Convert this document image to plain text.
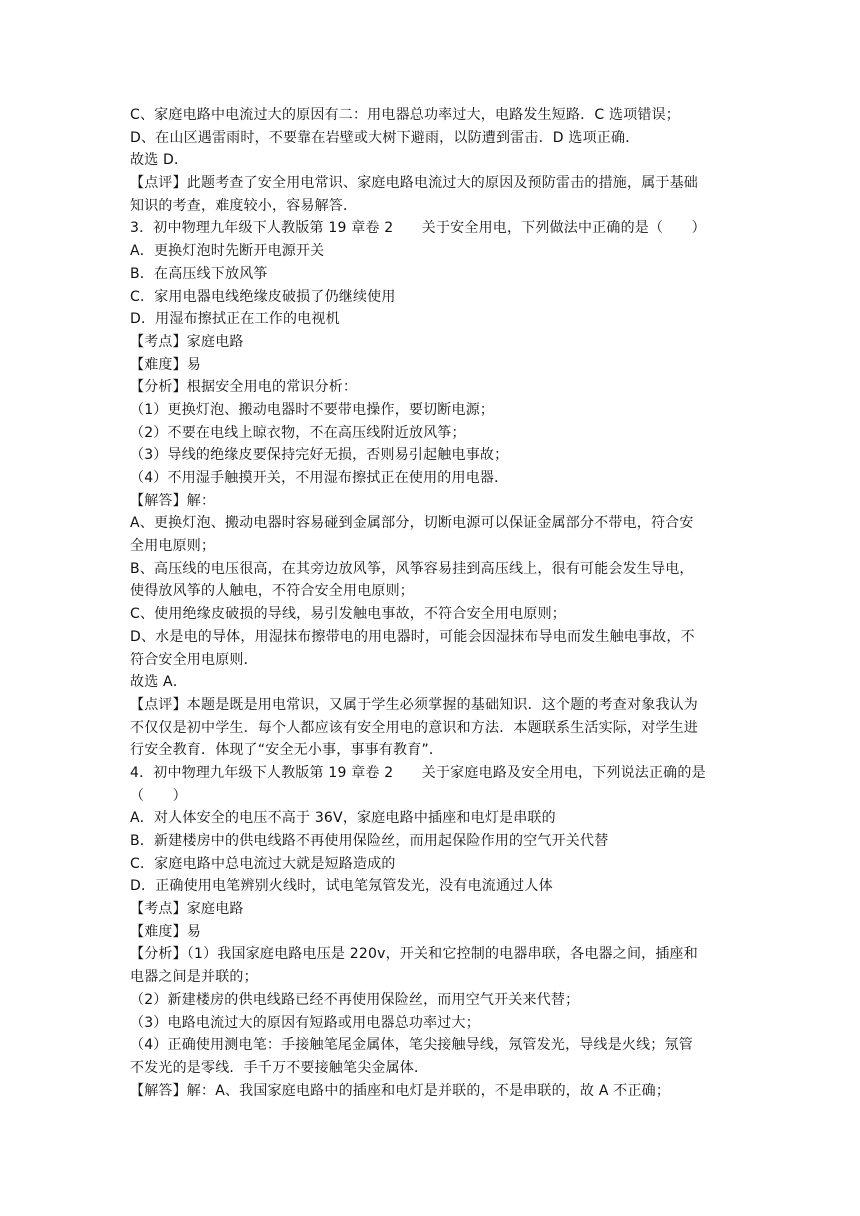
C、家庭电路中电流过大的原因有二：用电器总功率过大，电路发生短路．C 选项错误；
D、在山区遇雷雨时，不要靠在岩壁或大树下避雨，以防遭到雷击．D 选项正确．
故选 D．
【点评】此题考查了安全用电常识、家庭电路电流过大的原因及预防雷击的措施，属于基础
知识的考查，难度较小，容易解答．
3．初中物理九年级下人教版第 19 章卷 2　　关于安全用电，下列做法中正确的是（　　）
A．更换灯泡时先断开电源开关
B．在高压线下放风筝
C．家用电器电线绝缘皮破损了仍继续使用
D．用湿布擦拭正在工作的电视机
【考点】家庭电路
【难度】易
【分析】根据安全用电的常识分析：
（1）更换灯泡、搬动电器时不要带电操作，要切断电源；
（2）不要在电线上晾衣物，不在高压线附近放风筝；
（3）导线的绝缘皮要保持完好无损，否则易引起触电事故；
（4）不用湿手触摸开关，不用湿布擦拭正在使用的用电器．
【解答】解：
A、更换灯泡、搬动电器时容易碰到金属部分，切断电源可以保证金属部分不带电，符合安
全用电原则；
B、高压线的电压很高，在其旁边放风筝，风筝容易挂到高压线上，很有可能会发生导电，
使得放风筝的人触电，不符合安全用电原则；
C、使用绝缘皮破损的导线，易引发触电事故，不符合安全用电原则；
D、水是电的导体，用湿抹布擦带电的用电器时，可能会因湿抹布导电而发生触电事故，不
符合安全用电原则．
故选 A．
【点评】本题是既是用电常识，又属于学生必须掌握的基础知识．这个题的考查对象我认为
不仅仅是初中学生．每个人都应该有安全用电的意识和方法．本题联系生活实际，对学生进
行安全教育．体现了“安全无小事，事事有教育”．
4．初中物理九年级下人教版第 19 章卷 2　　关于家庭电路及安全用电，下列说法正确的是
（　　）
A．对人体安全的电压不高于 36V，家庭电路中插座和电灯是串联的
B．新建楼房中的供电线路不再使用保险丝，而用起保险作用的空气开关代替
C．家庭电路中总电流过大就是短路造成的
D．正确使用电笔辨别火线时，试电笔氖管发光，没有电流通过人体
【考点】家庭电路
【难度】易
【分析】（1）我国家庭电路电压是 220v，开关和它控制的电器串联，各电器之间，插座和
电器之间是并联的；
（2）新建楼房的供电线路已经不再使用保险丝，而用空气开关来代替；
（3）电路电流过大的原因有短路或用电器总功率过大；
（4）正确使用测电笔：手接触笔尾金属体，笔尖接触导线，氖管发光，导线是火线；氖管
不发光的是零线．手千万不要接触笔尖金属体．
【解答】解：A、我国家庭电路中的插座和电灯是并联的，不是串联的，故 A 不正确；
